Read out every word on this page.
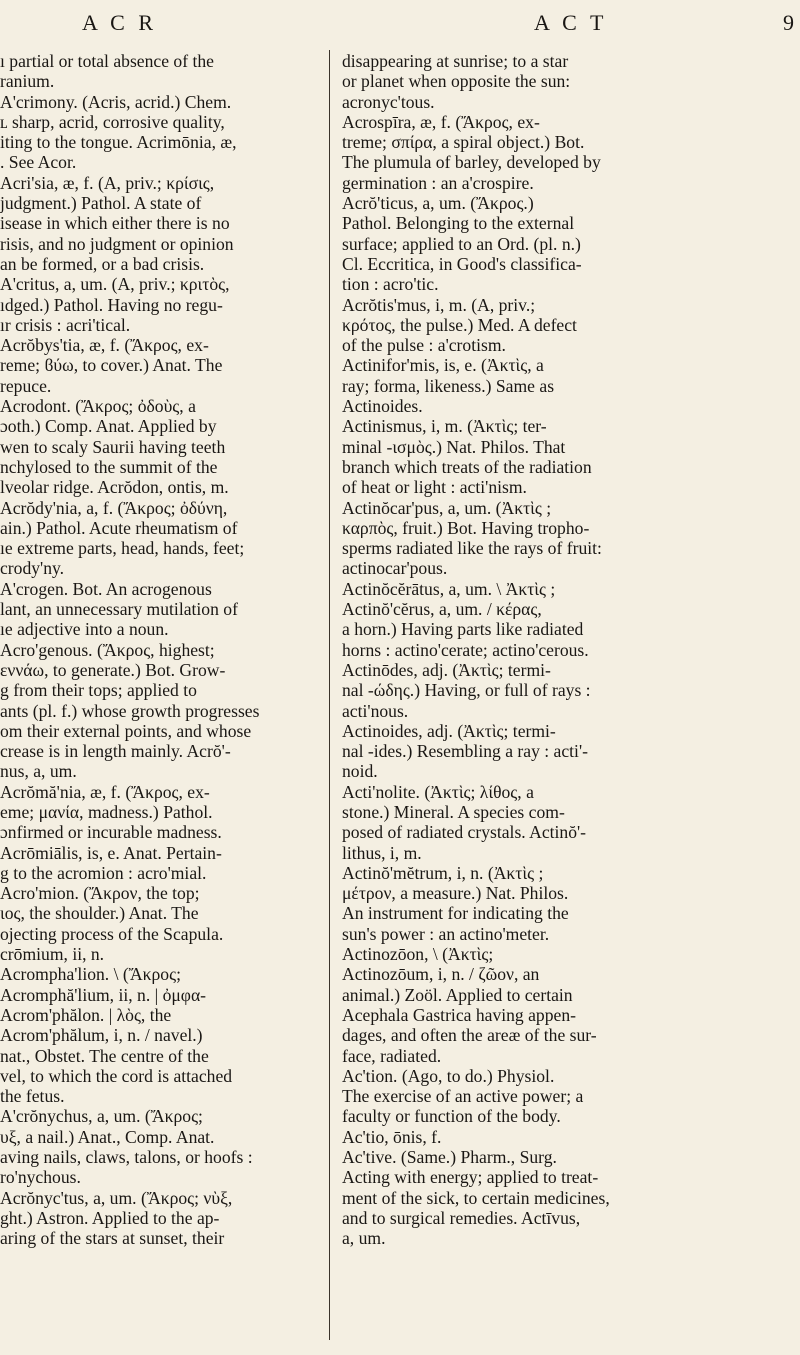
A C R	A C T	9

ı partial or total absence of the

ranium.

A'crimony. (Acris, acrid.) Chem.

ʟ sharp, acrid, corrosive quality,

iting to the tongue. Acrimōnia, æ,

. See Acor.

Acri'sia, æ, f. (A, priv.; κρίσις,

judgment.) Pathol. A state of

isease in which either there is no

risis, and no judgment or opinion

an be formed, or a bad crisis.

A'critus, a, um. (A, priv.; κριτὸς,

ıdged.) Pathol. Having no regu-

ır crisis : acri'tical.

Acrŏbys'tia, æ, f. (Ἄκρος, ex-

reme; ϐύω, to cover.) Anat. The

repuce.

Acrodont. (Ἄκρος; ὀδοὺς, a

ɔoth.) Comp. Anat. Applied by

wen to scaly Saurii having teeth

nchylosed to the summit of the

lveolar ridge. Acrŏdon, ontis, m.

Acrŏdy'nia, a, f. (Ἄκρος; ὀδύνη,

ain.) Pathol. Acute rheumatism of

ıe extreme parts, head, hands, feet;

crody'ny.

A'crogen. Bot. An acrogenous

lant, an unnecessary mutilation of

ıe adjective into a noun.

Acro'genous. (Ἄκρος, highest;

εννάω, to generate.) Bot. Grow-

g from their tops; applied to

ants (pl. f.) whose growth progresses

om their external points, and whose

crease is in length mainly. Acrŏ'-

nus, a, um.

Acrŏmă'nia, æ, f. (Ἄκρος, ex-

eme; μανία, madness.) Pathol.

ɔnfirmed or incurable madness.

Acrōmiālis, is, e. Anat. Pertain-

g to the acromion : acro'mial.

Acro'mion. (Ἄκρον, the top;

ιος, the shoulder.) Anat. The

ojecting process of the Scapula.

crōmium, ii, n.

Acrompha'lion. \ (Ἄκρος;

Acromphă'lium, ii, n. | ὀμφα-

Acrom'phălon. | λὸς, the

Acrom'phălum, i, n. / navel.)

nat., Obstet. The centre of the

vel, to which the cord is attached

the fetus.

A'crŏnychus, a, um. (Ἄκρος;

υξ, a nail.) Anat., Comp. Anat.

aving nails, claws, talons, or hoofs :

ro'nychous.

Acrŏnyc'tus, a, um. (Ἄκρος; νὺξ,

ght.) Astron. Applied to the ap-

aring of the stars at sunset, their

disappearing at sunrise; to a star

or planet when opposite the sun:

acronyc'tous.

Acrospīra, æ, f. (Ἄκρος, ex-

treme; σπίρα, a spiral object.) Bot.

The plumula of barley, developed by

germination : an a'crospire.

Acrŏ'ticus, a, um. (Ἄκρος.)

Pathol. Belonging to the external

surface; applied to an Ord. (pl. n.)

Cl. Eccritica, in Good's classifica-

tion : acro'tic.

Acrŏtis'mus, i, m. (A, priv.;

κρότος, the pulse.) Med. A defect

of the pulse : a'crotism.

Actinifor'mis, is, e. (Ἀκτὶς, a

ray; forma, likeness.) Same as

Actinoides.

Actinismus, i, m. (Ἀκτὶς; ter-

minal -ισμὸς.) Nat. Philos. That

branch which treats of the radiation

of heat or light : acti'nism.

Actinŏcar'pus, a, um. (Ἀκτὶς ;

καρπὸς, fruit.) Bot. Having tropho-

sperms radiated like the rays of fruit:

actinocar'pous.

Actinŏcĕrātus, a, um. \ Ἀκτὶς ;

Actinŏ'cĕrus, a, um. / κέρας,

a horn.) Having parts like radiated

horns : actino'cerate; actino'cerous.

Actinōdes, adj. (Ἀκτὶς; termi-

nal -ώδης.) Having, or full of rays :

acti'nous.

Actinoides, adj. (Ἀκτὶς; termi-

nal -ides.) Resembling a ray : acti'-

noid.

Acti'nolite. (Ἀκτὶς; λίθος, a

stone.) Mineral. A species com-

posed of radiated crystals. Actinŏ'-

lithus, i, m.

Actinŏ'mĕtrum, i, n. (Ἀκτὶς ;

μέτρον, a measure.) Nat. Philos.

An instrument for indicating the

sun's power : an actino'meter.

Actinozōon, \ (Ἀκτὶς;

Actinozōum, i, n. / ζῶον, an

animal.) Zoöl. Applied to certain

Acephala Gastrica having appen-

dages, and often the areæ of the sur-

face, radiated.

Ac'tion. (Ago, to do.) Physiol.

The exercise of an active power; a

faculty or function of the body.

Ac'tio, ōnis, f.

Ac'tive. (Same.) Pharm., Surg.

Acting with energy; applied to treat-

ment of the sick, to certain medicines,

and to surgical remedies. Actīvus,

a, um.
